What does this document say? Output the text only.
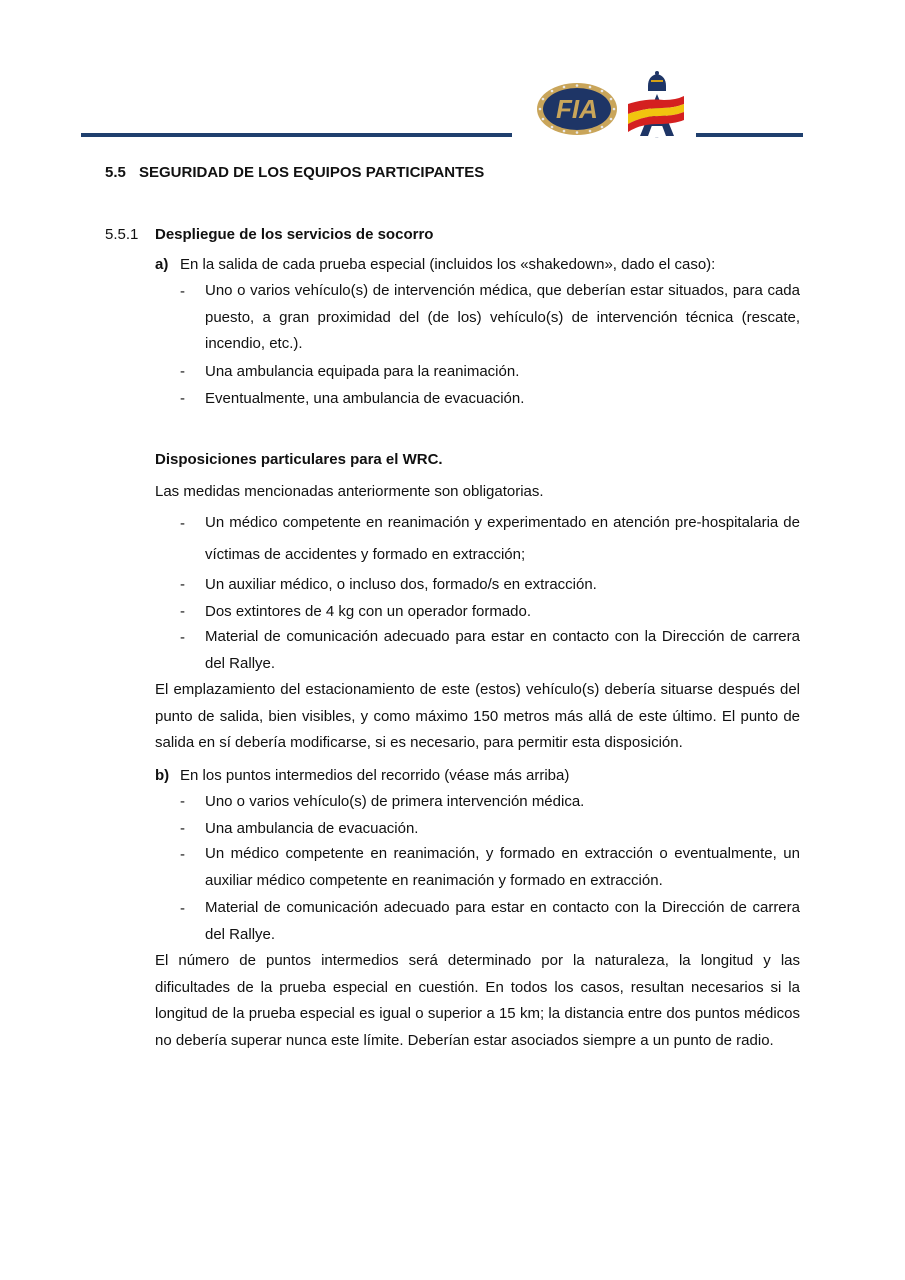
FIA
RFEDA
5.5 SEGURIDAD DE LOS EQUIPOS PARTICIPANTES
5.5.1 Despliegue de los servicios de socorro
a) En la salida de cada prueba especial (incluidos los «shakedown», dado el caso):
- Uno o varios vehículo(s) de intervención médica, que deberían estar situados, para cada puesto, a gran proximidad del (de los) vehículo(s) de intervención técnica (rescate, incendio, etc.).
- Una ambulancia equipada para la reanimación.
- Eventualmente, una ambulancia de evacuación.
Disposiciones particulares para el WRC.
Las medidas mencionadas anteriormente son obligatorias.
- Un médico competente en reanimación y experimentado en atención pre-hospitalaria de víctimas de accidentes y formado en extracción;
- Un auxiliar médico, o incluso dos, formado/s en extracción.
- Dos extintores de 4 kg con un operador formado.
- Material de comunicación adecuado para estar en contacto con la Dirección de carrera del Rallye.
El emplazamiento del estacionamiento de este (estos) vehículo(s) debería situarse después del punto de salida, bien visibles, y como máximo 150 metros más allá de este último. El punto de salida en sí debería modificarse, si es necesario, para permitir esta disposición.
b) En los puntos intermedios del recorrido (véase más arriba)
- Uno o varios vehículo(s) de primera intervención médica.
- Una ambulancia de evacuación.
- Un médico competente en reanimación, y formado en extracción o eventualmente, un auxiliar médico competente en reanimación y formado en extracción.
- Material de comunicación adecuado para estar en contacto con la Dirección de carrera del Rallye.
El número de puntos intermedios será determinado por la naturaleza, la longitud y las dificultades de la prueba especial en cuestión. En todos los casos, resultan necesarios si la longitud de la prueba especial es igual o superior a 15 km; la distancia entre dos puntos médicos no debería superar nunca este límite. Deberían estar asociados siempre a un punto de radio.
